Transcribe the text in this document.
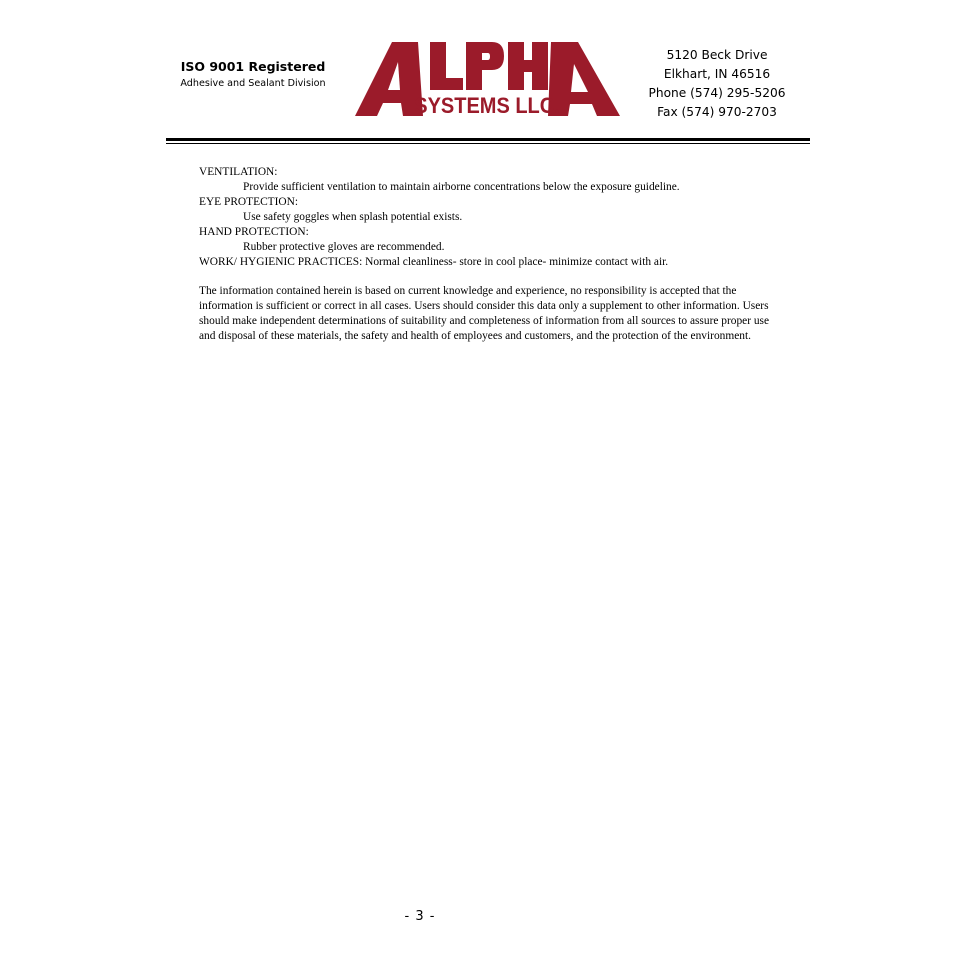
ISO 9001 Registered
Adhesive and Sealant Division
SYSTEMS LLC.
5120 Beck Drive
Elkhart, IN 46516
Phone (574) 295-5206
Fax (574) 970-2703
VENTILATION:
Provide sufficient ventilation to maintain airborne concentrations below the exposure guideline.
EYE PROTECTION:
Use safety goggles when splash potential exists.
HAND PROTECTION:
Rubber protective gloves are recommended.
WORK/ HYGIENIC PRACTICES: Normal cleanliness- store in cool place- minimize contact with air.
The information contained herein is based on current knowledge and experience, no responsibility is accepted that the
information is sufficient or correct in all cases. Users should consider this data only a supplement to other information. Users
should make independent determinations of suitability and completeness of information from all sources to assure proper use
and disposal of these materials, the safety and health of employees and customers, and the protection of the environment.
- 3 -
